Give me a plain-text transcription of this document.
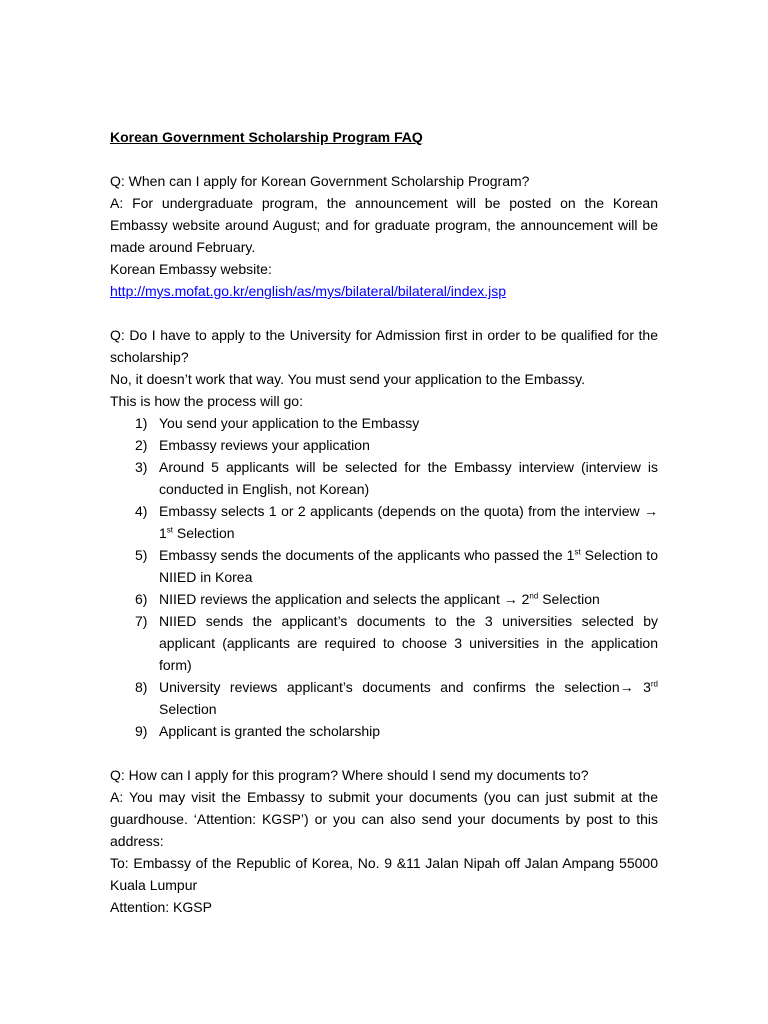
Korean Government Scholarship Program FAQ

Q: When can I apply for Korean Government Scholarship Program?

A: For undergraduate program, the announcement will be posted on the Korean Embassy website around August; and for graduate program, the announcement will be made around February.

Korean Embassy website:

http://mys.mofat.go.kr/english/as/mys/bilateral/bilateral/index.jsp

Q: Do I have to apply to the University for Admission first in order to be qualified for the scholarship?

No, it doesn’t work that way. You must send your application to the Embassy.

This is how the process will go:

1) You send your application to the Embassy
2) Embassy reviews your application
3) Around 5 applicants will be selected for the Embassy interview (interview is conducted in English, not Korean)
4) Embassy selects 1 or 2 applicants (depends on the quota) from the interview → 1st Selection
5) Embassy sends the documents of the applicants who passed the 1st Selection to NIIED in Korea
6) NIIED reviews the application and selects the applicant → 2nd Selection
7) NIIED sends the applicant’s documents to the 3 universities selected by applicant (applicants are required to choose 3 universities in the application form)
8) University reviews applicant’s documents and confirms the selection→ 3rd Selection
9) Applicant is granted the scholarship

Q: How can I apply for this program? Where should I send my documents to?

A: You may visit the Embassy to submit your documents (you can just submit at the guardhouse. ‘Attention: KGSP’) or you can also send your documents by post to this address:

To: Embassy of the Republic of Korea, No. 9 &11 Jalan Nipah off Jalan Ampang 55000 Kuala Lumpur

Attention: KGSP
